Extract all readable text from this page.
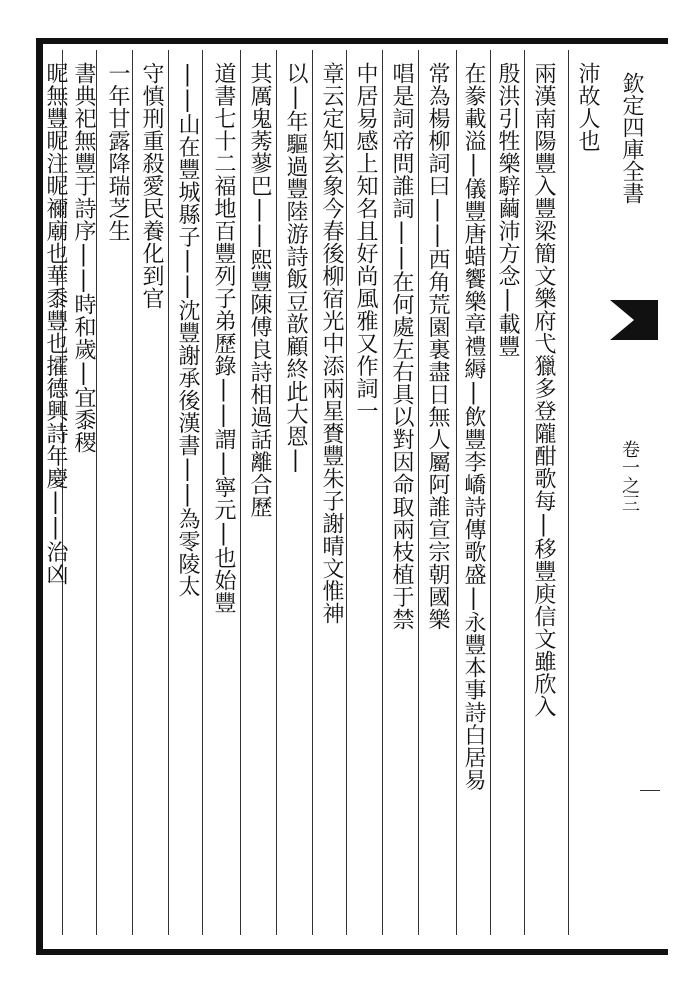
欽定四庫全書
卷一之三
沛故人也
兩漢南陽豐入豐梁簡文樂府弋獵多登隴酣歌每|移豐庾信文雖欣入
殷洪引牲樂騂繭沛方念|載豐
在豢載溢|儀豐唐蜡饗樂章禮縟|飲豐李嶠詩傳歌盛|永豐本事詩白居易
常為楊柳詞曰||西角荒園裏盡日無人屬阿誰宣宗朝國樂
唱是詞帝問誰詞||在何處左右具以對因命取兩枝植于禁
中居易感上知名且好尚風雅又作詞一
章云定知玄象今春後柳宿光中添兩星賚豐朱子謝晴文惟神
以|年驅過豐陸游詩飯豆歆顧終此大恩|
其厲鬼莠蓼巴||熙豐陳傅良詩相過話離合歷
道書七十二福地百豐列子弟歷錄||謂|寧元|也始豐
||山在豐城縣子||沈豐謝承後漢書||為零陵太
守慎刑重殺愛民養化到官
一年甘露降瑞芝生
書典祀無豐于詩序||時和歲|宜黍稷
昵無豐昵注昵禰廟也華黍豐也攉德興詩年慶||治凶
